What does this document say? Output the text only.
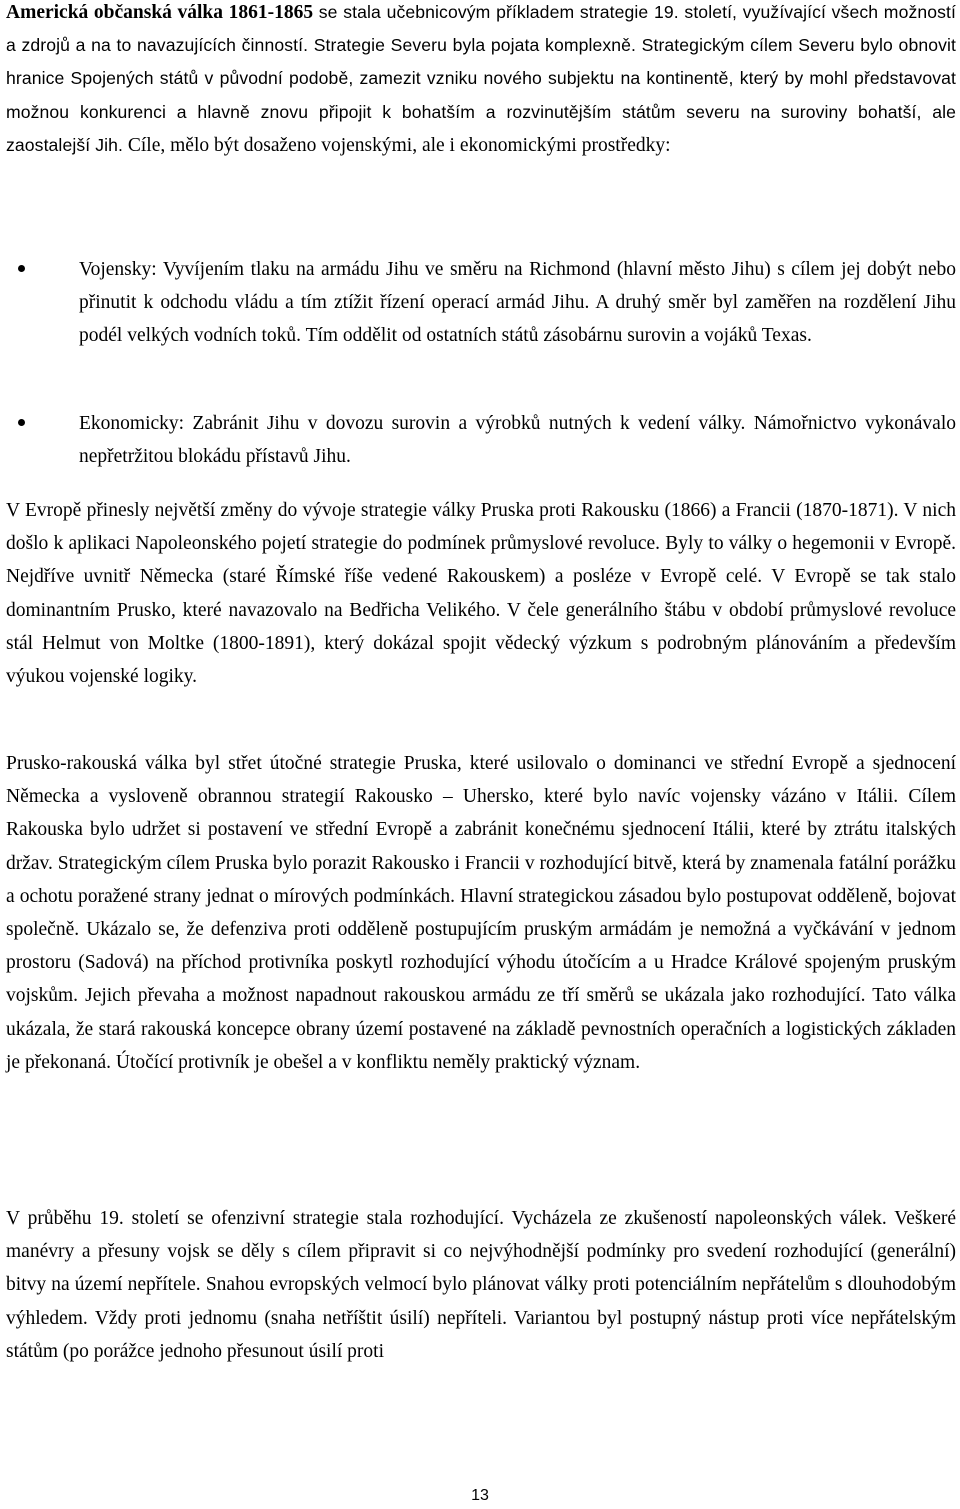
Americká občanská válka 1861-1865 se stala učebnicovým příkladem strategie 19. století, využívající všech možností a zdrojů a na to navazujících činností. Strategie Severu byla pojata komplexně. Strategickým cílem Severu bylo obnovit hranice Spojených států v původní podobě, zamezit vzniku nového subjektu na kontinentě, který by mohl představovat možnou konkurenci a hlavně znovu připojit k bohatším a rozvinutějším státům severu na suroviny bohatší, ale zaostalejší Jih. Cíle, mělo být dosaženo vojenskými, ale i ekonomickými prostředky:

Vojensky: Vyvíjením tlaku na armádu Jihu ve směru na Richmond (hlavní město Jihu) s cílem jej dobýt nebo přinutit k odchodu vládu a tím ztížit řízení operací armád Jihu. A druhý směr byl zaměřen na rozdělení Jihu podél velkých vodních toků. Tím oddělit od ostatních států zásobárnu surovin a vojáků Texas.

Ekonomicky: Zabránit Jihu v dovozu surovin a výrobků nutných k vedení války. Námořnictvo vykonávalo nepřetržitou blokádu přístavů Jihu.

V Evropě přinesly největší změny do vývoje strategie války Pruska proti Rakousku (1866) a Francii (1870-1871). V nich došlo k aplikaci Napoleonského pojetí strategie do podmínek průmyslové revoluce. Byly to války o hegemonii v Evropě. Nejdříve uvnitř Německa (staré Římské říše vedené Rakouskem) a posléze v Evropě celé. V Evropě se tak stalo dominantním Prusko, které navazovalo na Bedřicha Velikého. V čele generálního štábu v období průmyslové revoluce stál Helmut von Moltke (1800-1891), který dokázal spojit vědecký výzkum s podrobným plánováním a především výukou vojenské logiky.

Prusko-rakouská válka byl střet útočné strategie Pruska, které usilovalo o dominanci ve střední Evropě a sjednocení Německa a vysloveně obrannou strategií Rakousko – Uhersko, které bylo navíc vojensky vázáno v Itálii. Cílem Rakouska bylo udržet si postavení ve střední Evropě a zabránit konečnému sjednocení Itálii, které by ztrátu italských držav. Strategickým cílem Pruska bylo porazit Rakousko i Francii v rozhodující bitvě, která by znamenala fatální porážku a ochotu poražené strany jednat o mírových podmínkách. Hlavní strategickou zásadou bylo postupovat odděleně, bojovat společně. Ukázalo se, že defenziva proti odděleně postupujícím pruským armádám je nemožná a vyčkávání v jednom prostoru (Sadová) na příchod protivníka poskytl rozhodující výhodu útočícím a u Hradce Králové spojeným pruským vojskům. Jejich převaha a možnost napadnout rakouskou armádu ze tří směrů se ukázala jako rozhodující. Tato válka ukázala, že stará rakouská koncepce obrany území postavené na základě pevnostních operačních a logistických základen je překonaná. Útočící protivník je obešel a v konfliktu neměly praktický význam.

V průběhu 19. století se ofenzivní strategie stala rozhodující. Vycházela ze zkušeností napoleonských válek. Veškeré manévry a přesuny vojsk se děly s cílem připravit si co nejvýhodnější podmínky pro svedení rozhodující (generální) bitvy na území nepřítele. Snahou evropských velmocí bylo plánovat války proti potenciálním nepřátelům s dlouhodobým výhledem. Vždy proti jednomu (snaha netříštit úsilí) nepříteli. Variantou byl postupný nástup proti více nepřátelským státům (po porážce jednoho přesunout úsilí proti

13
